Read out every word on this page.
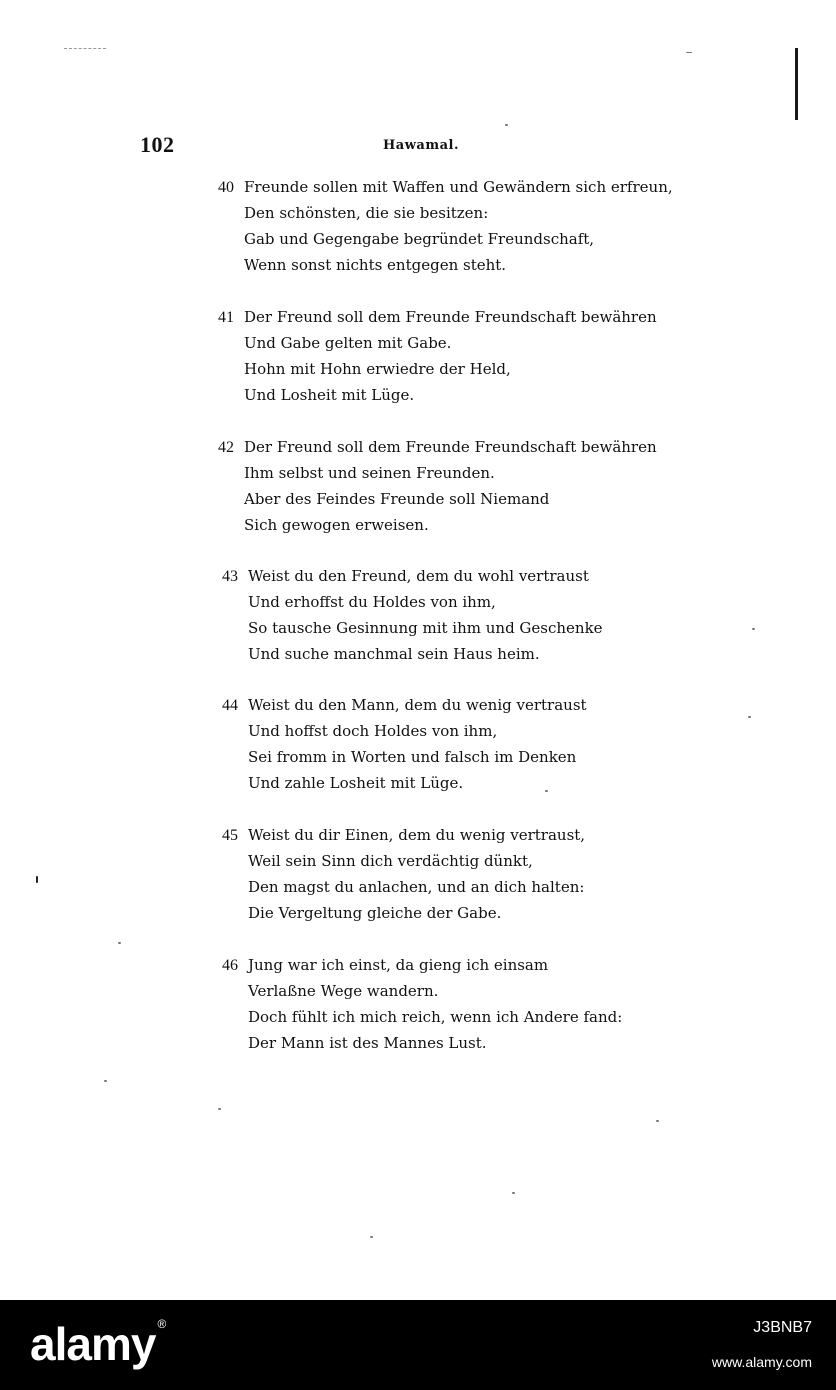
102	Hawamal.
40 Freunde sollen mit Waffen und Gewändern sich erfreun,
Den schönsten, die sie besitzen:
Gab und Gegengabe begründet Freundschaft,
Wenn sonst nichts entgegen steht.
41 Der Freund soll dem Freunde Freundschaft bewähren
Und Gabe gelten mit Gabe.
Hohn mit Hohn erwiedre der Held,
Und Losheit mit Lüge.
42 Der Freund soll dem Freunde Freundschaft bewähren
Ihm selbst und seinen Freunden.
Aber des Feindes Freunde soll Niemand
Sich gewogen erweisen.
43 Weist du den Freund, dem du wohl vertraust
Und erhoffst du Holdes von ihm,
So tausche Gesinnung mit ihm und Geschenke
Und suche manchmal sein Haus heim.
44 Weist du den Mann, dem du wenig vertraust
Und hoffst doch Holdes von ihm,
Sei fromm in Worten und falsch im Denken
Und zahle Losheit mit Lüge.
45 Weist du dir Einen, dem du wenig vertraust,
Weil sein Sinn dich verdächtig dünkt,
Den magst du anlachen, und an dich halten:
Die Vergeltung gleiche der Gabe.
46 Jung war ich einst, da gieng ich einsam
Verlaßne Wege wandern.
Doch fühlt ich mich reich, wenn ich Andere fand:
Der Mann ist des Mannes Lust.
alamy ®	J3BNB7
www.alamy.com
